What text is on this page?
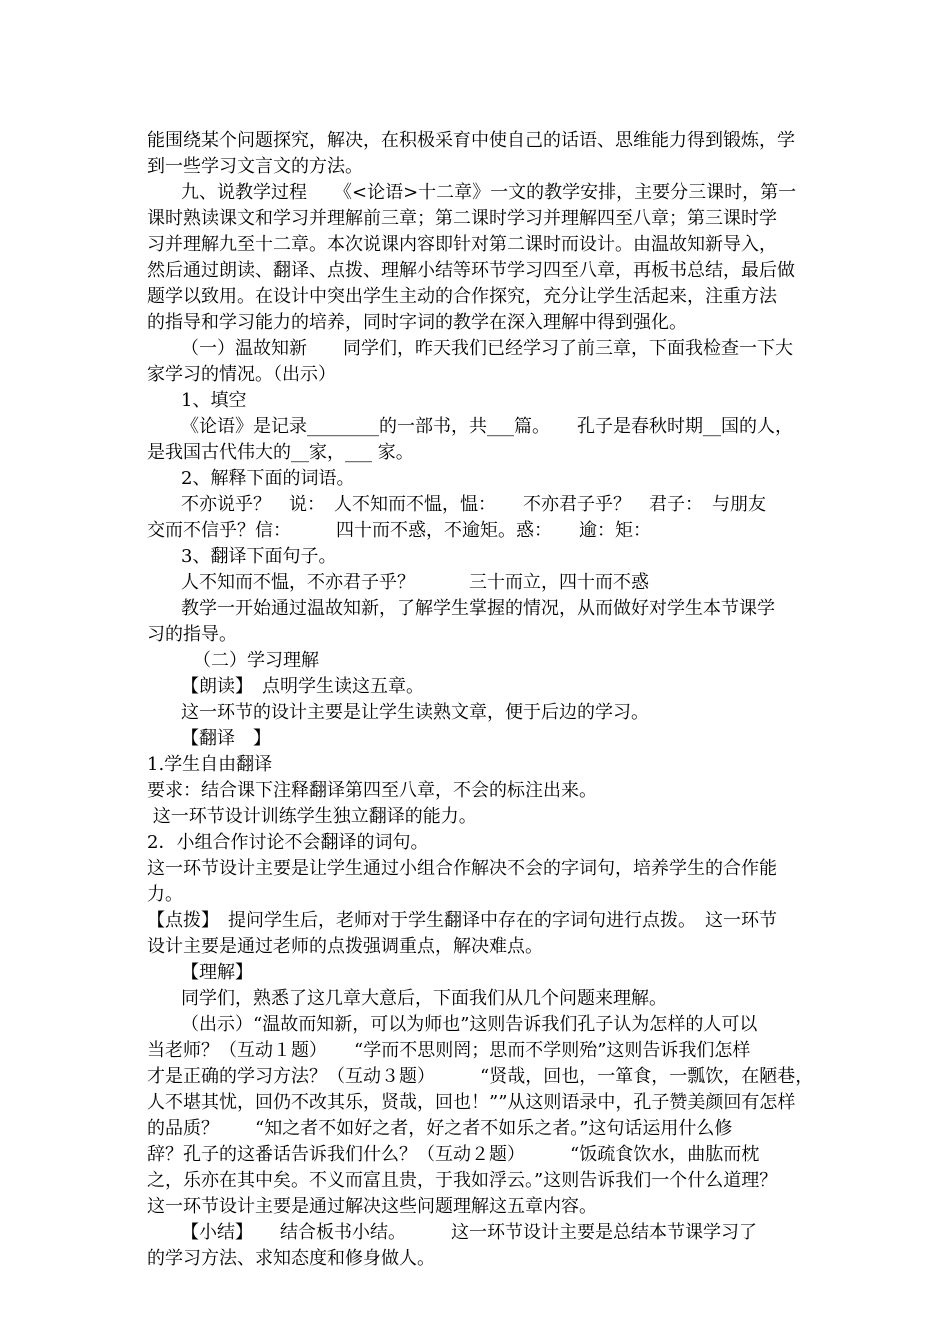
能围绕某个问题探究，解决，在积极采育中使自己的话语、思维能力得到锻炼，学
到一些学习文言文的方法。
九、说教学过程　　《<论语>十二章》一文的教学安排，主要分三课时，第一
课时熟读课文和学习并理解前三章；第二课时学习并理解四至八章；第三课时学
习并理解九至十二章。本次说课内容即针对第二课时而设计。由温故知新导入，
然后通过朗读、翻译、点拨、理解小结等环节学习四至八章，再板书总结，最后做
题学以致用。在设计中突出学生主动的合作探究，充分让学生活起来，注重方法
的指导和学习能力的培养，同时字词的教学在深入理解中得到强化。
（一）温故知新　　同学们，昨天我们已经学习了前三章，下面我检查一下大
家学习的情况。（出示）
1、填空
《论语》是记录________的一部书，共___篇。　　孔子是春秋时期__国的人，
是我国古代伟大的__家，___ 家。
2、解释下面的词语。
不亦说乎？　说：　人不知而不愠，愠：　　不亦君子乎？　君子：　与朋友
交而不信乎？信：　　　四十而不惑，不逾矩。惑：　　逾：矩：
3、翻译下面句子。
人不知而不愠，不亦君子乎？　　　三十而立，四十而不惑
教学一开始通过温故知新，了解学生掌握的情况，从而做好对学生本节课学
习的指导。
（二）学习理解
【朗读】　点明学生读这五章。
这一环节的设计主要是让学生读熟文章，便于后边的学习。
【翻译　】
1.学生自由翻译
要求：结合课下注释翻译第四至八章，不会的标注出来。
这一环节设计训练学生独立翻译的能力。
2．小组合作讨论不会翻译的词句。
这一环节设计主要是让学生通过小组合作解决不会的字词句，培养学生的合作能
力。
【点拨】　提问学生后，老师对于学生翻译中存在的字词句进行点拨。　这一环节
设计主要是通过老师的点拨强调重点，解决难点。
【理解】
同学们，熟悉了这几章大意后，下面我们从几个问题来理解。
（出示）“温故而知新，可以为师也”这则告诉我们孔子认为怎样的人可以
当老师？（互动１题）　　“学而不思则罔；思而不学则殆”这则告诉我们怎样
才是正确的学习方法？（互动３题）　　　“贤哉，回也，一箪食，一瓢饮，在陋巷，
人不堪其忧，回仍不改其乐，贤哉，回也！””从这则语录中，孔子赞美颜回有怎样
的品质？　　“知之者不如好之者，好之者不如乐之者。”这句话运用什么修
辞？孔子的这番话告诉我们什么？（互动２题）　　　“饭疏食饮水，曲肱而枕
之，乐亦在其中矣。不义而富且贵，于我如浮云。”这则告诉我们一个什么道理？
这一环节设计主要是通过解决这些问题理解这五章内容。
【小结】　　结合板书小结。　　　这一环节设计主要是总结本节课学习了
的学习方法、求知态度和修身做人。
